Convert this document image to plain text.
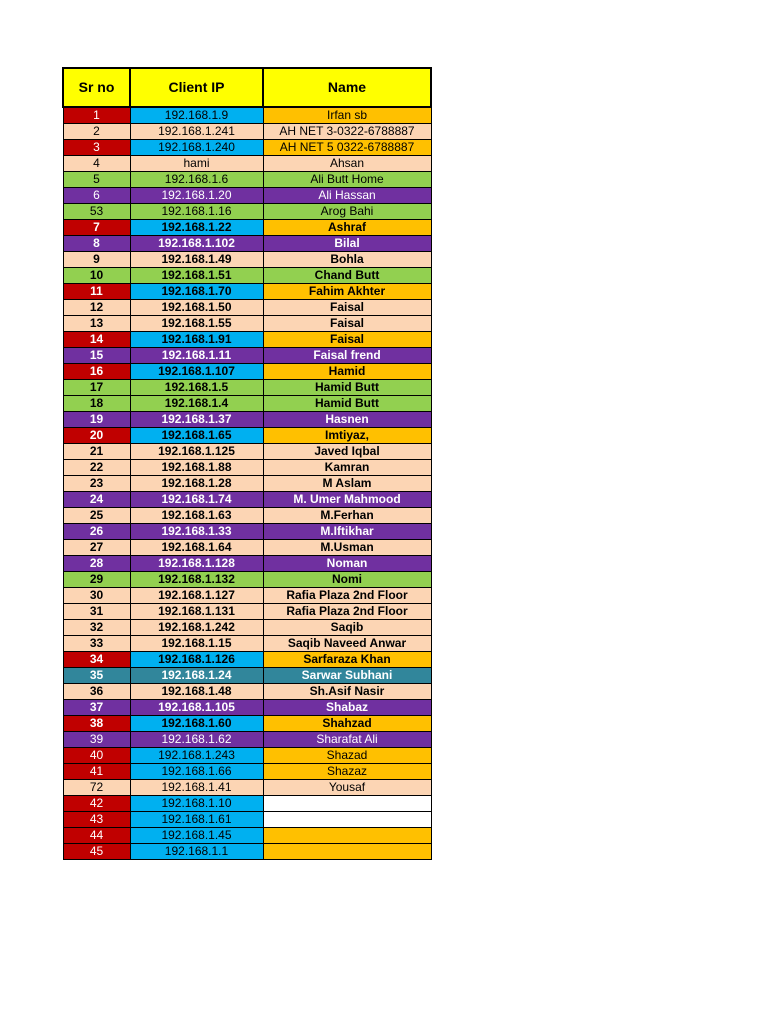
Sr no	Client IP	Name
1	192.168.1.9	Irfan sb
2	192.168.1.241	AH NET 3-0322-6788887
3	192.168.1.240	AH NET 5 0322-6788887
4	hami	Ahsan
5	192.168.1.6	Ali Butt Home
6	192.168.1.20	Ali Hassan
53	192.168.1.16	Arog Bahi
7	192.168.1.22	Ashraf
8	192.168.1.102	Bilal
9	192.168.1.49	Bohla
10	192.168.1.51	Chand Butt
11	192.168.1.70	Fahim Akhter
12	192.168.1.50	Faisal
13	192.168.1.55	Faisal
14	192.168.1.91	Faisal
15	192.168.1.11	Faisal frend
16	192.168.1.107	Hamid
17	192.168.1.5	Hamid Butt
18	192.168.1.4	Hamid Butt
19	192.168.1.37	Hasnen
20	192.168.1.65	Imtiyaz,
21	192.168.1.125	Javed Iqbal
22	192.168.1.88	Kamran
23	192.168.1.28	M Aslam
24	192.168.1.74	M. Umer Mahmood
25	192.168.1.63	M.Ferhan
26	192.168.1.33	M.Iftikhar
27	192.168.1.64	M.Usman
28	192.168.1.128	Noman
29	192.168.1.132	Nomi
30	192.168.1.127	Rafia Plaza 2nd Floor
31	192.168.1.131	Rafia Plaza 2nd Floor
32	192.168.1.242	Saqib
33	192.168.1.15	Saqib Naveed Anwar
34	192.168.1.126	Sarfaraza Khan
35	192.168.1.24	Sarwar Subhani
36	192.168.1.48	Sh.Asif Nasir
37	192.168.1.105	Shabaz
38	192.168.1.60	Shahzad
39	192.168.1.62	Sharafat Ali
40	192.168.1.243	Shazad
41	192.168.1.66	Shazaz
72	192.168.1.41	Yousaf
42	192.168.1.10	
43	192.168.1.61	
44	192.168.1.45	
45	192.168.1.1	
